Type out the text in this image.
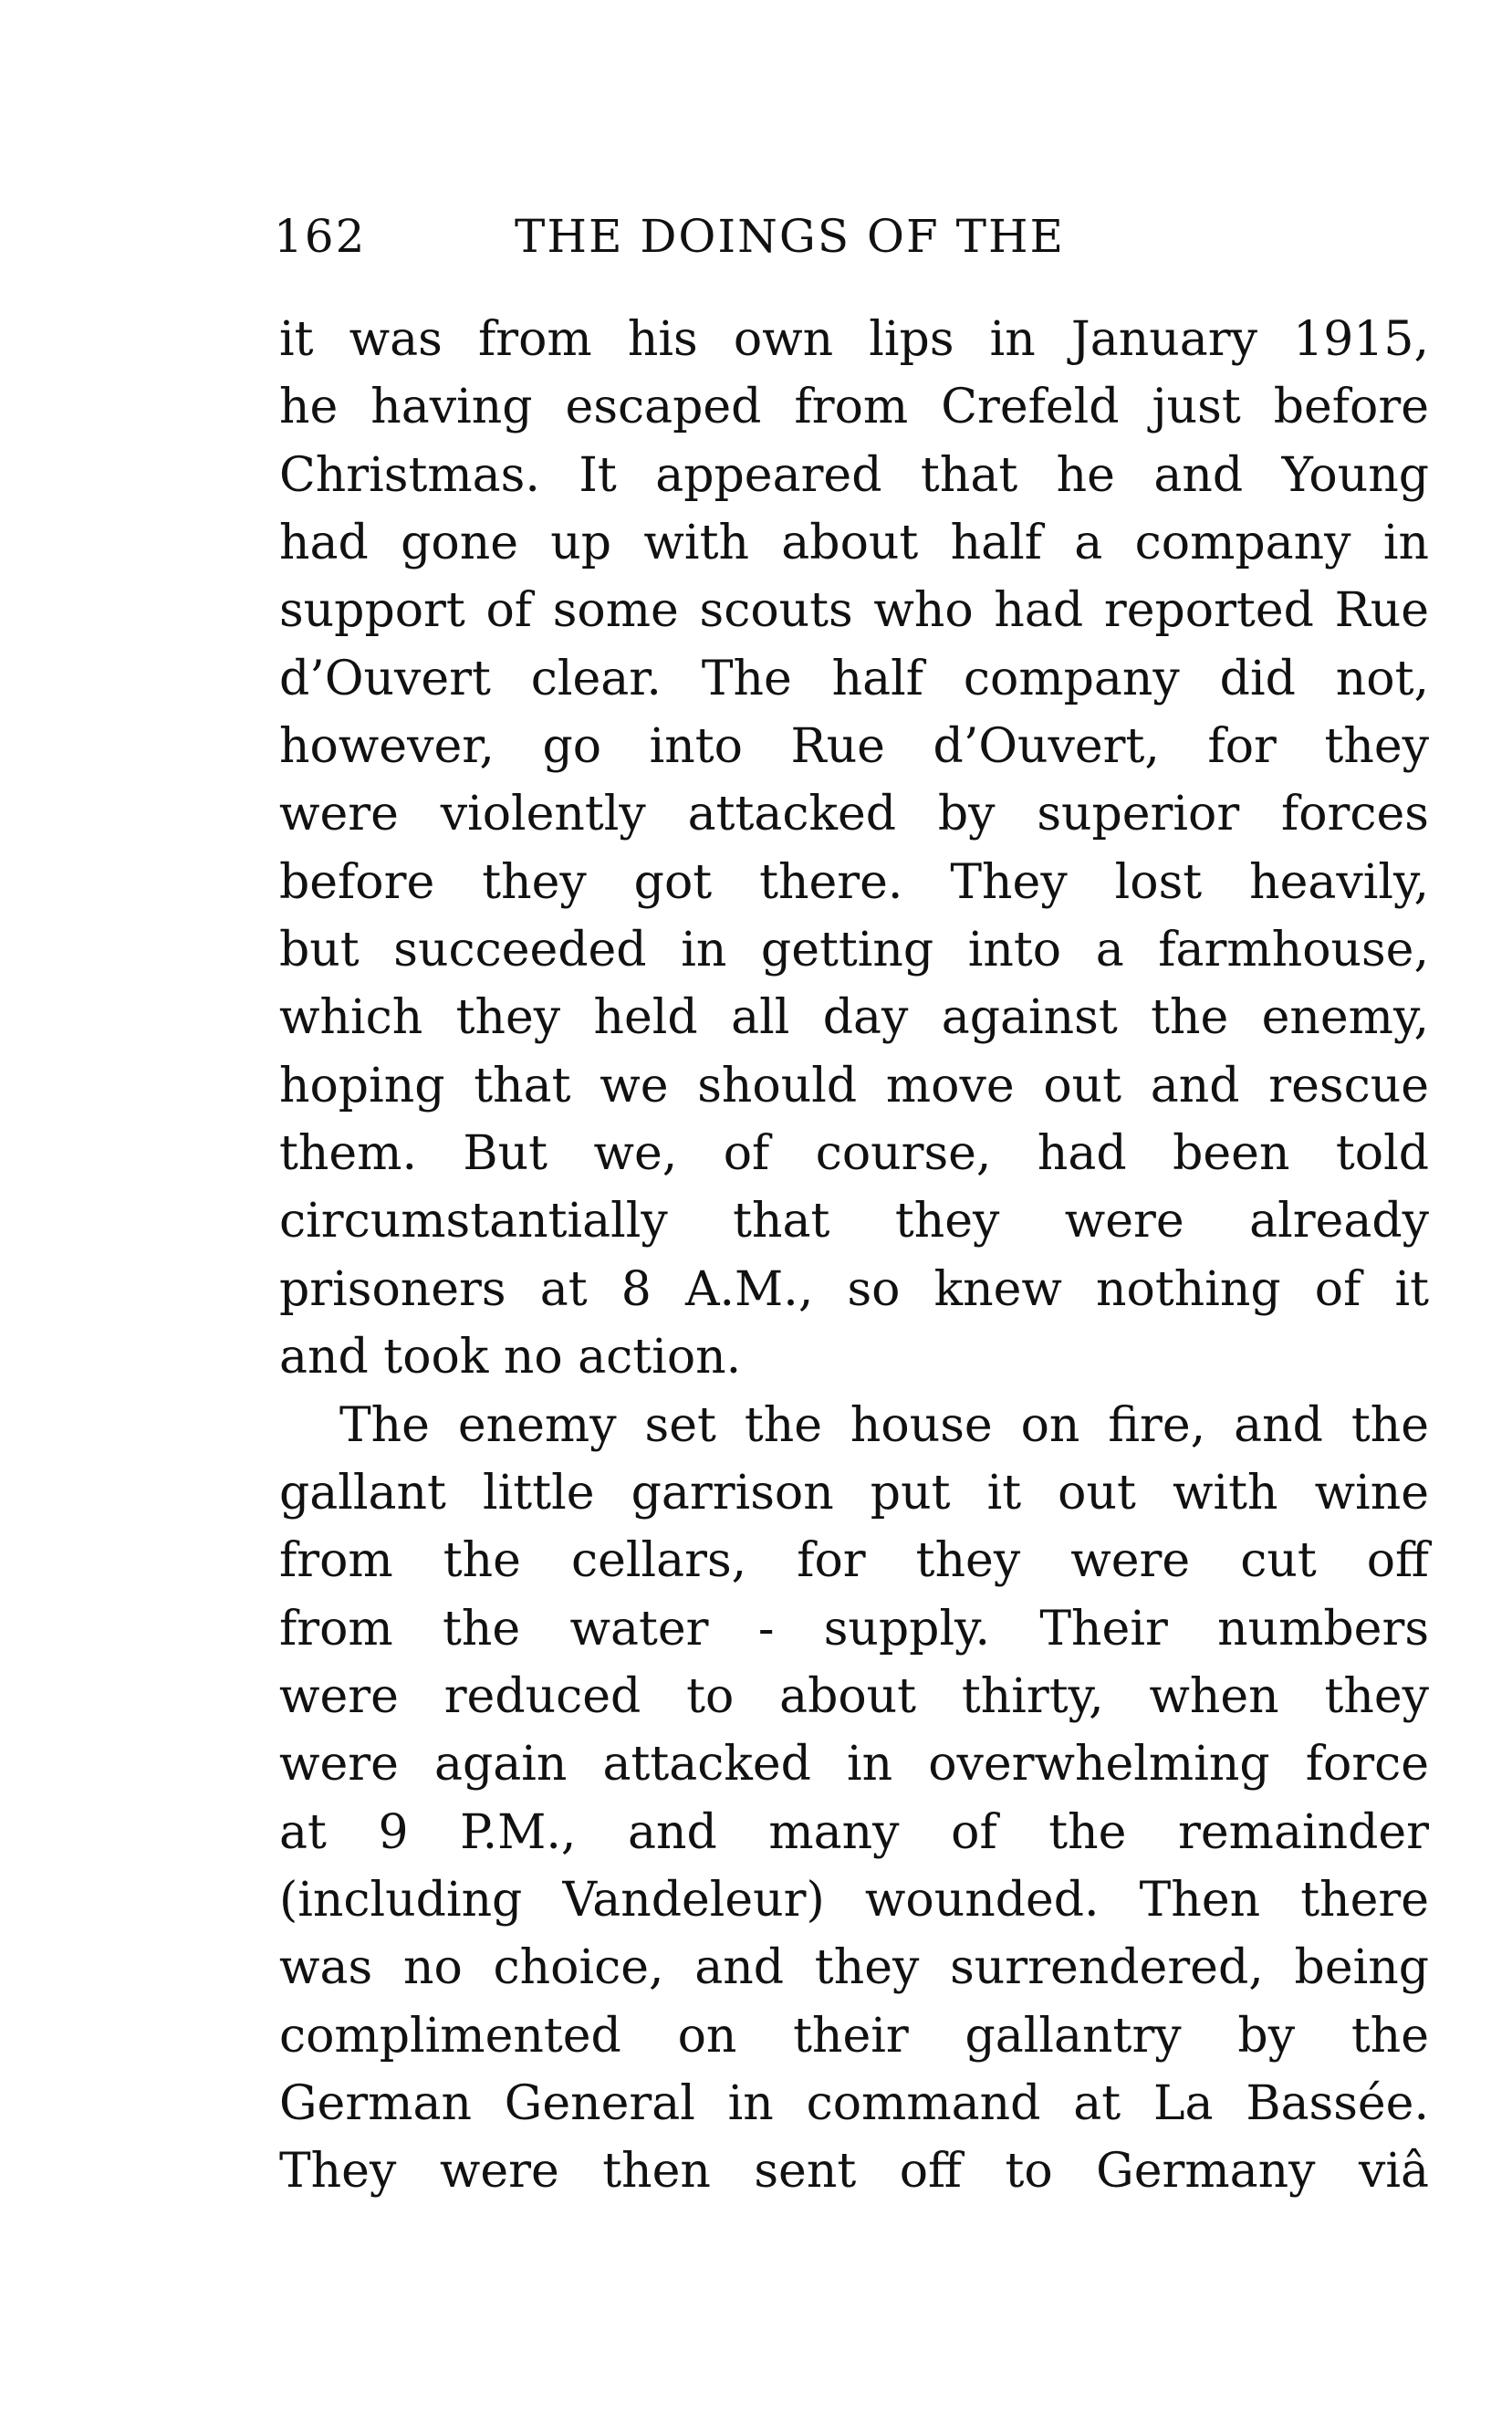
162	THE DOINGS OF THE
it was from his own lips in January 1915,
he having escaped from Crefeld just before
Christmas. It appeared that he and Young
had gone up with about half a company in
support of some scouts who had reported Rue
d’Ouvert clear. The half company did not,
however, go into Rue d’Ouvert, for they
were violently attacked by superior forces
before they got there. They lost heavily,
but succeeded in getting into a farmhouse,
which they held all day against the enemy,
hoping that we should move out and rescue
them. But we, of course, had been told
circumstantially that they were already
prisoners at 8 A.M., so knew nothing of it
and took no action.
The enemy set the house on fire, and the
gallant little garrison put it out with wine
from the cellars, for they were cut off
from the water - supply. Their numbers
were reduced to about thirty, when they
were again attacked in overwhelming force
at 9 P.M., and many of the remainder
(including Vandeleur) wounded. Then there
was no choice, and they surrendered, being
complimented on their gallantry by the
German General in command at La Bassée.
They were then sent off to Germany viâ
